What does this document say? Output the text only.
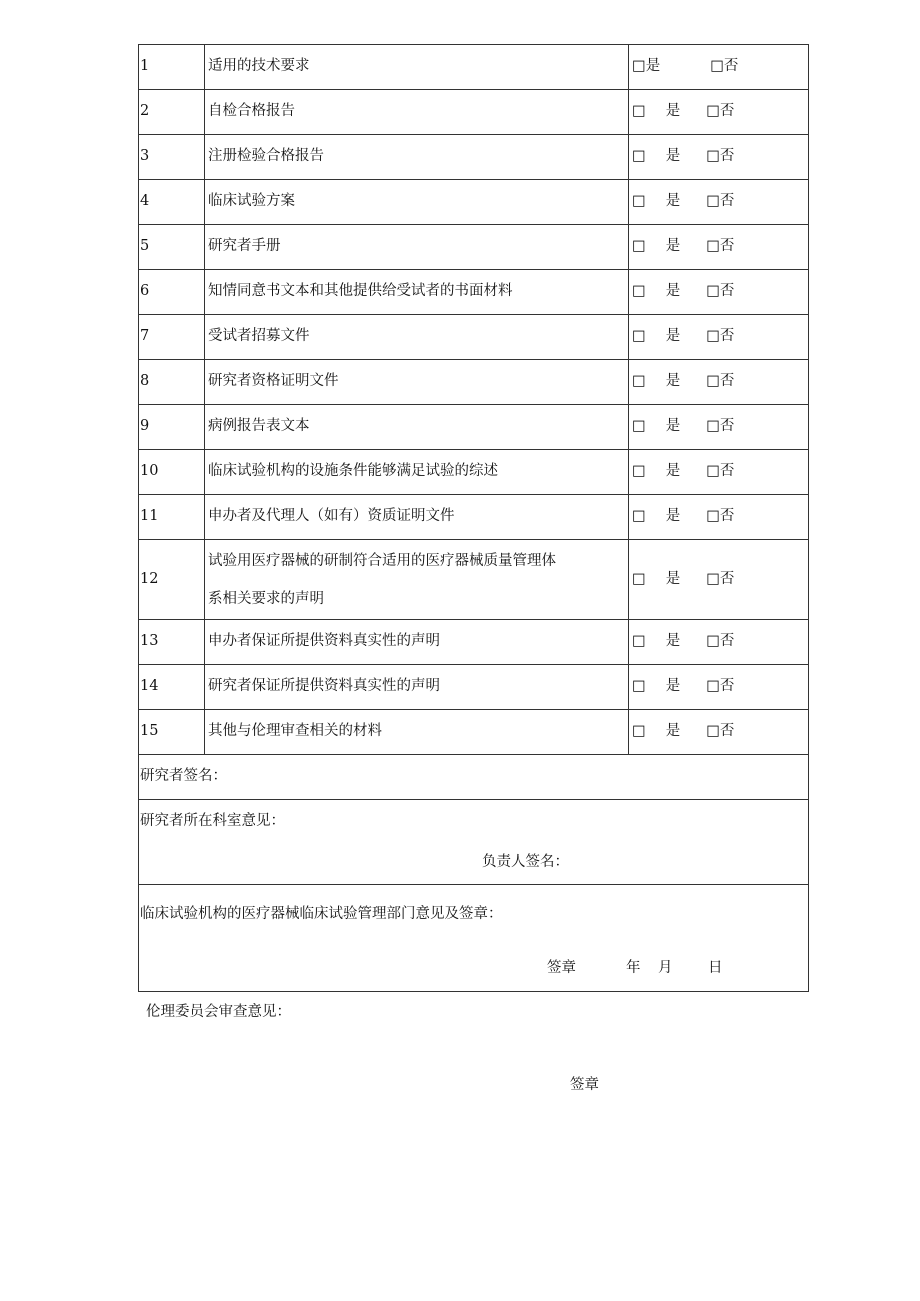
1	适用的技术要求	□是 □否
2	自检合格报告	□ 是 □否
3	注册检验合格报告	□ 是 □否
4	临床试验方案	□ 是 □否
5	研究者手册	□ 是 □否
6	知情同意书文本和其他提供给受试者的书面材料	□ 是 □否
7	受试者招募文件	□ 是 □否
8	研究者资格证明文件	□ 是 □否
9	病例报告表文本	□ 是 □否
10	临床试验机构的设施条件能够满足试验的综述	□ 是 □否
11	申办者及代理人（如有）资质证明文件	□ 是 □否
12	试验用医疗器械的研制符合适用的医疗器械质量管理体
系相关要求的声明	□ 是 □否
13	申办者保证所提供资料真实性的声明	□ 是 □否
14	研究者保证所提供资料真实性的声明	□ 是 □否
15	其他与伦理审查相关的材料	□ 是 □否
研究者签名：		

研究者所在科室意见：
负责人签名：		

临床试验机构的医疗器械临床试验管理部门意见及签章：
签章 年 月 日		
伦理委员会审查意见：
签章
